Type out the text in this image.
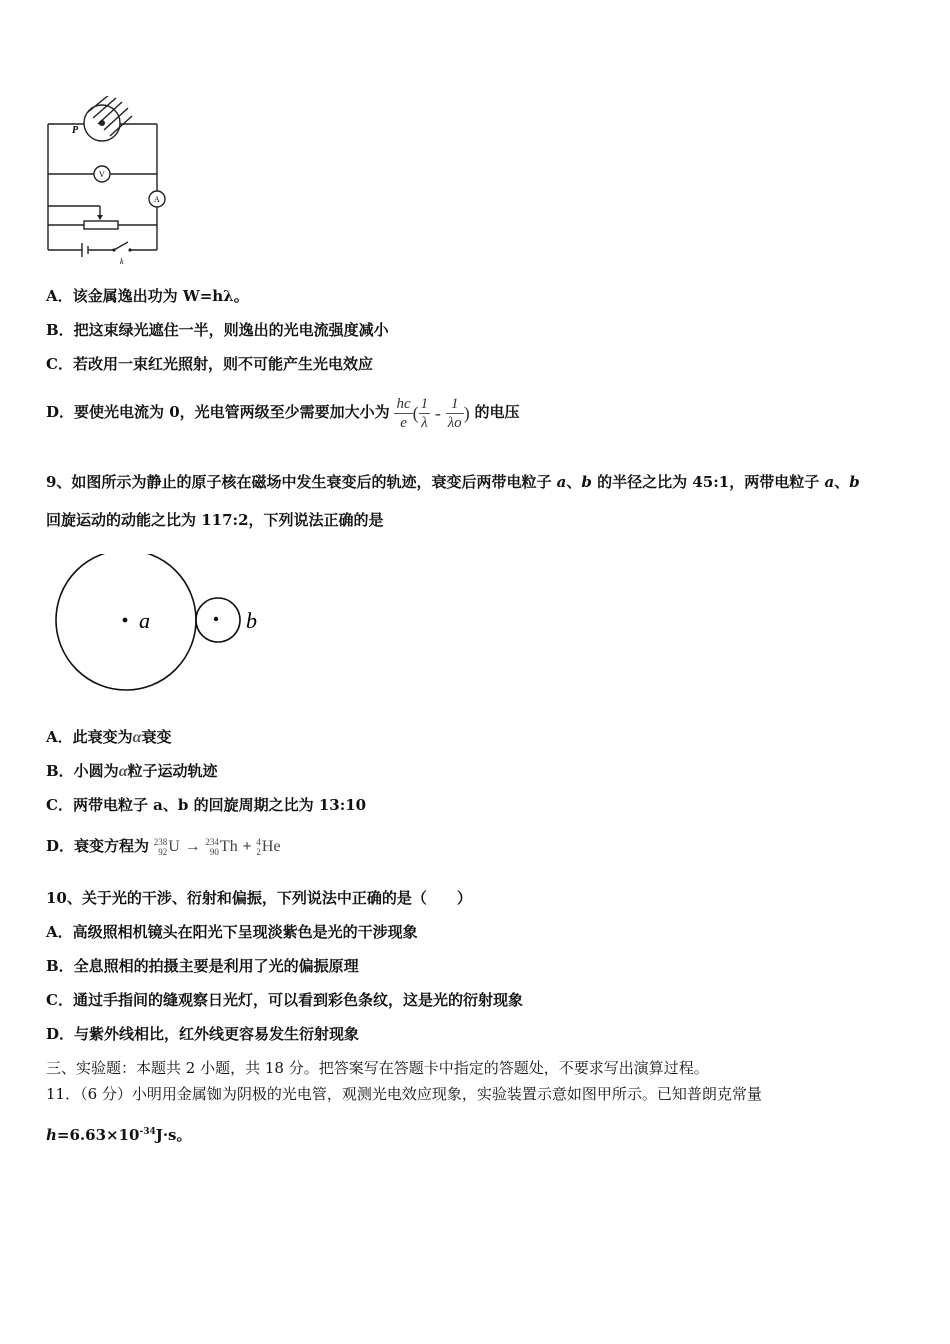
P
V
A
k
A．该金属逸出功为 W=hλ。
B．把这束绿光遮住一半，则逸出的光电流强度减小
C．若改用一束红光照射，则不可能产生光电效应
D．要使光电流为 0，光电管两级至少需要加大小为 $\frac{hc}{e}$ ( $\frac{1}{\lambda} - \frac{1}{\lambda o}$ ) 的电压
9、如图所示为静止的原子核在磁场中发生衰变后的轨迹，衰变后两带电粒子 a、b 的半径之比为 45:1，两带电粒子 a、b
回旋运动的动能之比为 117:2，下列说法正确的是
a	b
A．此衰变为α衰变
B．小圆为α粒子运动轨迹
C．两带电粒子 a、b 的回旋周期之比为 13:10
D．衰变方程为 238
92 U → 234
90 Th + 4
2 He
10、关于光的干涉、衍射和偏振，下列说法中正确的是（　　）
A．高级照相机镜头在阳光下呈现淡紫色是光的干涉现象
B．全息照相的拍摄主要是利用了光的偏振原理
C．通过手指间的缝观察日光灯，可以看到彩色条纹，这是光的衍射现象
D．与紫外线相比，红外线更容易发生衍射现象
三、实验题：本题共 2 小题，共 18 分。把答案写在答题卡中指定的答题处，不要求写出演算过程。
11．（6 分）小明用金属铷为阴极的光电管，观测光电效应现象，实验装置示意如图甲所示。已知普朗克常量
$h=6.63\times 10^{-34}J\cdot s$。
